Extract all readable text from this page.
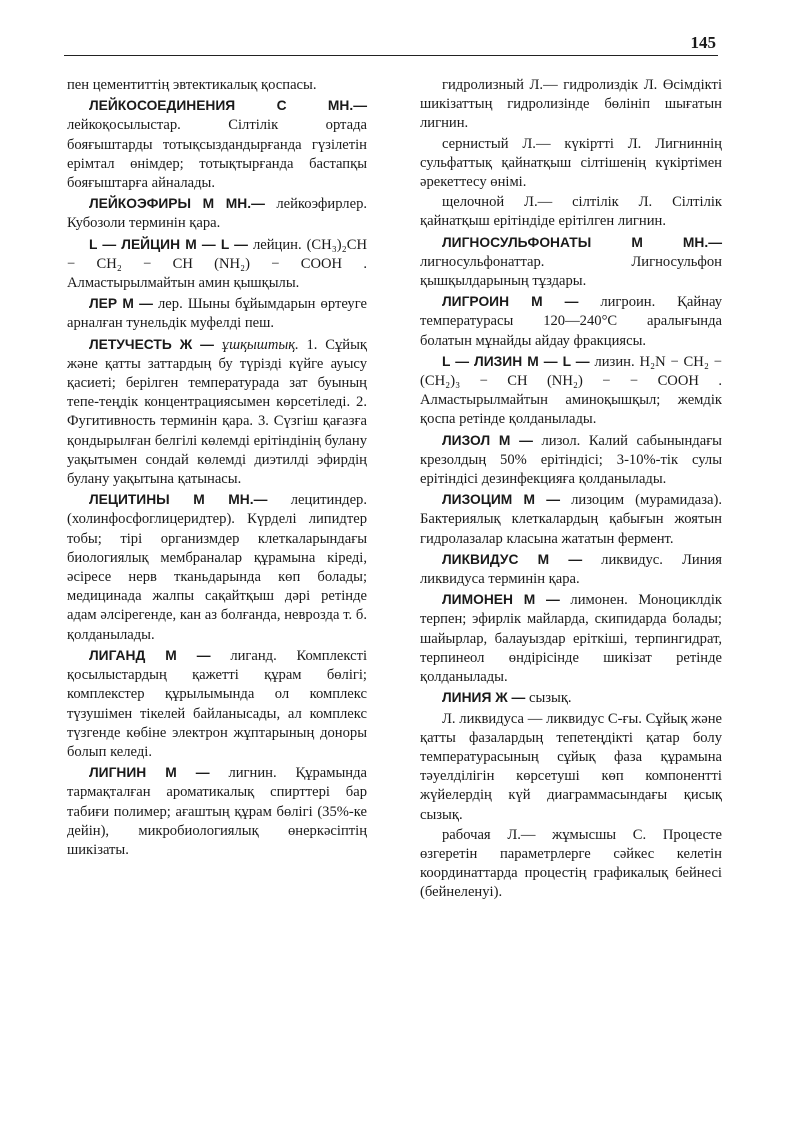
145

пен цементиттің эвтектикалық қоспасы.

ЛЕЙКОСОЕДИНЕНИЯ С МН.— лейкоқосылыстар. Сілтілік ортада бояғыштарды тотықсыздандырғанда гүзілетін ерімтал өнімдер; тотықтырғанда бастапқы бояғыштарға айналады.

ЛЕЙКОЭФИРЫ М МН.— лейкоэфирлер. Кубозоли терминін қара.

L — ЛЕЙЦИН М — L — лейцин. (CH₃)₂CH − CH₂ − CH (NH₂) − COOH . Алмастырылмайтын амин қышқылы.

ЛЕР М — лер. Шыны бұйымдарын өртеуге арналған тунельдік муфелді пеш.

ЛЕТУЧЕСТЬ Ж — ұшқыштық. 1. Сұйық және қатты заттардың бу түрізді күйге ауысу қасиеті; берілген температурада зат буының тепе-теңдік концентрациясымен көрсетіледі. 2. Фугитивность терминін қара. 3. Сүзгіш қағазға қондырылған белгілі көлемді ерітіндінің булану уақытымен сондай көлемді диэтилді эфирдің булану уақытына қатынасы.

ЛЕЦИТИНЫ М МН.— лецитиндер. (холинфосфоглицеридтер). Күрделі липидтер тобы; тірі организмдер клеткаларындағы биологиялық мембраналар құрамына кіреді, әсіресе нерв тканьдарында көп болады; медицинада жалпы сақайтқыш дәрі ретінде адам әлсірегенде, кан аз болғанда, невроздa т. б. қолданылады.

ЛИГАНД М — лиганд. Комплексті қосылыстардың қажетті құрам бөлігі; комплекстер құрылымында ол комплекс түзушімен тікелей байланысады, ал комплекс түзгенде көбіне электрон жұптарының доноры болып келеді.

ЛИГНИН М — лигнин. Құрамында тармақталған ароматикалық спирттері бар табиғи полимер; ағаштың құрам бөлігі (35%-ке дейін), микробиологиялық өнеркәсіптің шикізаты.

гидролизный Л.— гидролиздік Л. Өсімдікті шикізаттың гидролизінде бөлініп шығатын лигнин.

сернистый Л.— күкіртті Л. Лигниннің сульфаттық қайнатқыш сілтішенің күкіртімен әрекеттесу өнімі.

щелочной Л.— сілтілік Л. Сілтілік қайнатқыш ерітіндіде ерітілген лигнин.

ЛИГНОСУЛЬФОНАТЫ М МН.— лигносульфонаттар. Лигносульфон қышқылдарының тұздары.

ЛИГРОИН М — лигроин. Қайнау температурасы 120—240°С аралығында болатын мұнайды айдау фракциясы.

L — ЛИЗИН М — L — лизин. H₂N − CH₂ − (CH₂)₃ − CH (NH₂) − − COOH . Алмастырылмайтын аминоқышқыл; жемдік қоспа ретінде қолданылады.

ЛИЗОЛ М — лизол. Калий сабынындағы крезолдың 50% ерітіндісі; 3-10%-тік сулы ерітіндісі дезинфекцияға қолданылады.

ЛИЗОЦИМ М — лизоцим (мурамидаза). Бактериялық клеткалардың қабығын жоятын гидролазалар класына жататын фермент.

ЛИКВИДУС М — ликвидус. Линия ликвидуса терминін қара.

ЛИМОНЕН М — лимонен. Моноциклдік терпен; эфирлік майларда, скипидарда болады; шайырлар, балауыздар еріткіші, терпингидрат, терпинеол өндірісінде шикізат ретінде қолданылады.

ЛИНИЯ Ж — сызық.

Л. ликвидуса — ликвидус С-ғы. Сұйық және қатты фазалардың тепетеңдікті қатар болу температурасының сұйық фаза құрамына тәуелділігін көрсетуші көп компонентті жүйелердің күй диаграммасындағы қисық сызық.

рабочая Л.— жұмысшы С. Процесте өзгеретін параметрлерге сәйкес келетін координаттарда процестің графикалық бейнесі (бейнеленуі).
